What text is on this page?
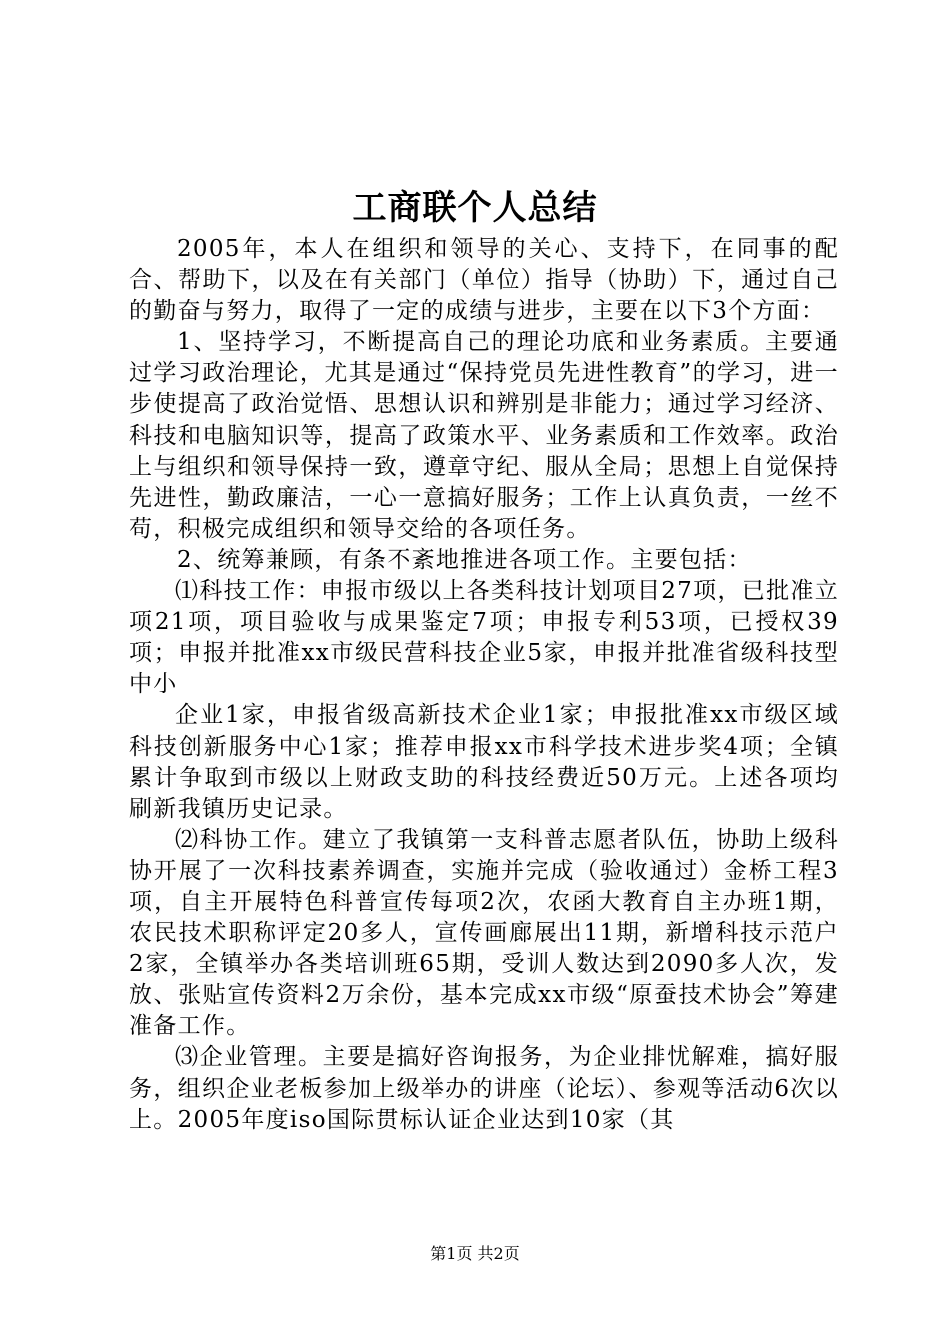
工商联个人总结

2005年，本人在组织和领导的关心、支持下，在同事的配合、帮助下，以及在有关部门（单位）指导（协助）下，通过自己的勤奋与努力，取得了一定的成绩与进步，主要在以下3个方面：

1、坚持学习，不断提高自己的理论功底和业务素质。主要通过学习政治理论，尤其是通过“保持党员先进性教育”的学习，进一步使提高了政治觉悟、思想认识和辨别是非能力；通过学习经济、科技和电脑知识等，提高了政策水平、业务素质和工作效率。政治上与组织和领导保持一致，遵章守纪、服从全局；思想上自觉保持先进性，勤政廉洁，一心一意搞好服务；工作上认真负责，一丝不苟，积极完成组织和领导交给的各项任务。

2、统筹兼顾，有条不紊地推进各项工作。主要包括：

⑴科技工作：申报市级以上各类科技计划项目27项，已批准立项21项，项目验收与成果鉴定7项；申报专利53项，已授权39项；申报并批准xx市级民营科技企业5家，申报并批准省级科技型中小

企业1家，申报省级高新技术企业1家；申报批准xx市级区域科技创新服务中心1家；推荐申报xx市科学技术进步奖4项；全镇累计争取到市级以上财政支助的科技经费近50万元。上述各项均刷新我镇历史记录。

⑵科协工作。建立了我镇第一支科普志愿者队伍，协助上级科协开展了一次科技素养调查，实施并完成（验收通过）金桥工程3项，自主开展特色科普宣传每项2次，农函大教育自主办班1期，农民技术职称评定20多人，宣传画廊展出11期，新增科技示范户2家，全镇举办各类培训班65期，受训人数达到2090多人次，发放、张贴宣传资料2万余份，基本完成xx市级“原蚕技术协会”筹建准备工作。

⑶企业管理。主要是搞好咨询报务，为企业排忧解难，搞好服务，组织企业老板参加上级举办的讲座（论坛）、参观等活动6次以上。2005年度iso国际贯标认证企业达到10家（其

第1页 共2页
